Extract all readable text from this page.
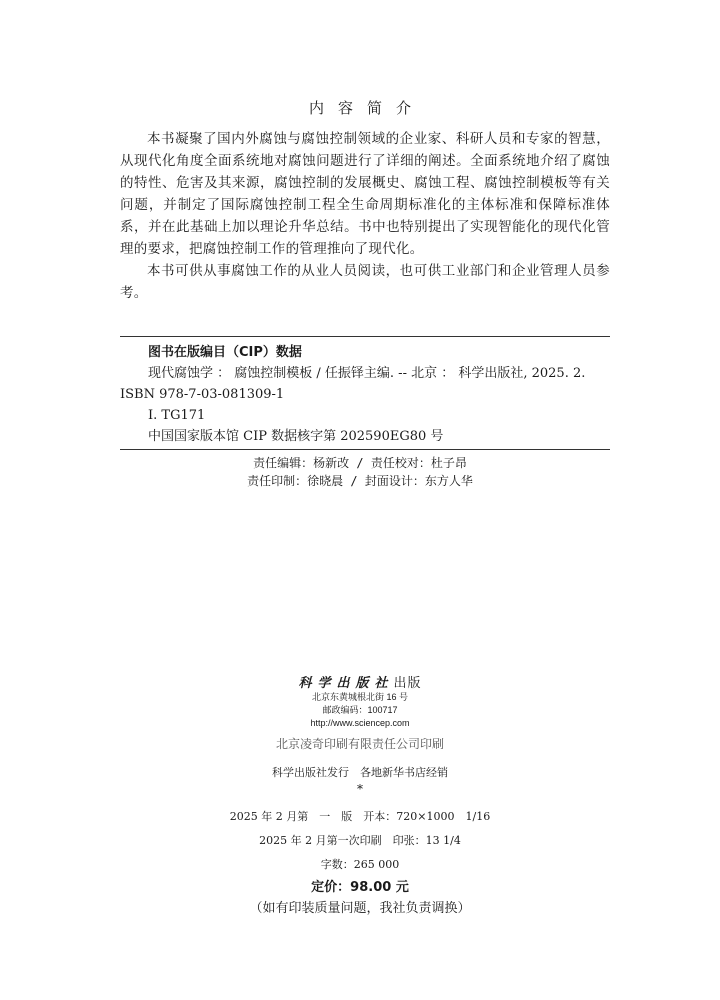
内容简介

本书凝聚了国内外腐蚀与腐蚀控制领域的企业家、科研人员和专家的智慧，从现代化角度全面系统地对腐蚀问题进行了详细的阐述。全面系统地介绍了腐蚀的特性、危害及其来源，腐蚀控制的发展概史、腐蚀工程、腐蚀控制模板等有关问题，并制定了国际腐蚀控制工程全生命周期标准化的主体标准和保障标准体系，并在此基础上加以理论升华总结。书中也特别提出了实现智能化的现代化管理的要求，把腐蚀控制工作的管理推向了现代化。

本书可供从事腐蚀工作的从业人员阅读，也可供工业部门和企业管理人员参考。

图书在版编目（CIP）数据
现代腐蚀学 ： 腐蚀控制模板 / 任振铎主编. -- 北京 ： 科学出版社, 2025. 2.
ISBN 978-7-03-081309-1
Ⅰ. TG171
中国国家版本馆 CIP 数据核字第 202590EG80 号
责任编辑：杨新改 / 责任校对：杜子昂
责任印制：徐晓晨 / 封面设计：东方人华
科学出版社出版
北京东黄城根北街 16 号
邮政编码：100717
http://www.sciencep.com
北京凌奇印刷有限责任公司印刷
科学出版社发行　各地新华书店经销
*
2025 年 2 月第　一　版　开本：720×1000　1/16
2025 年 2 月第一次印刷　印张：13 1/4
字数：265 000
定价：98.00 元
（如有印装质量问题，我社负责调换）
